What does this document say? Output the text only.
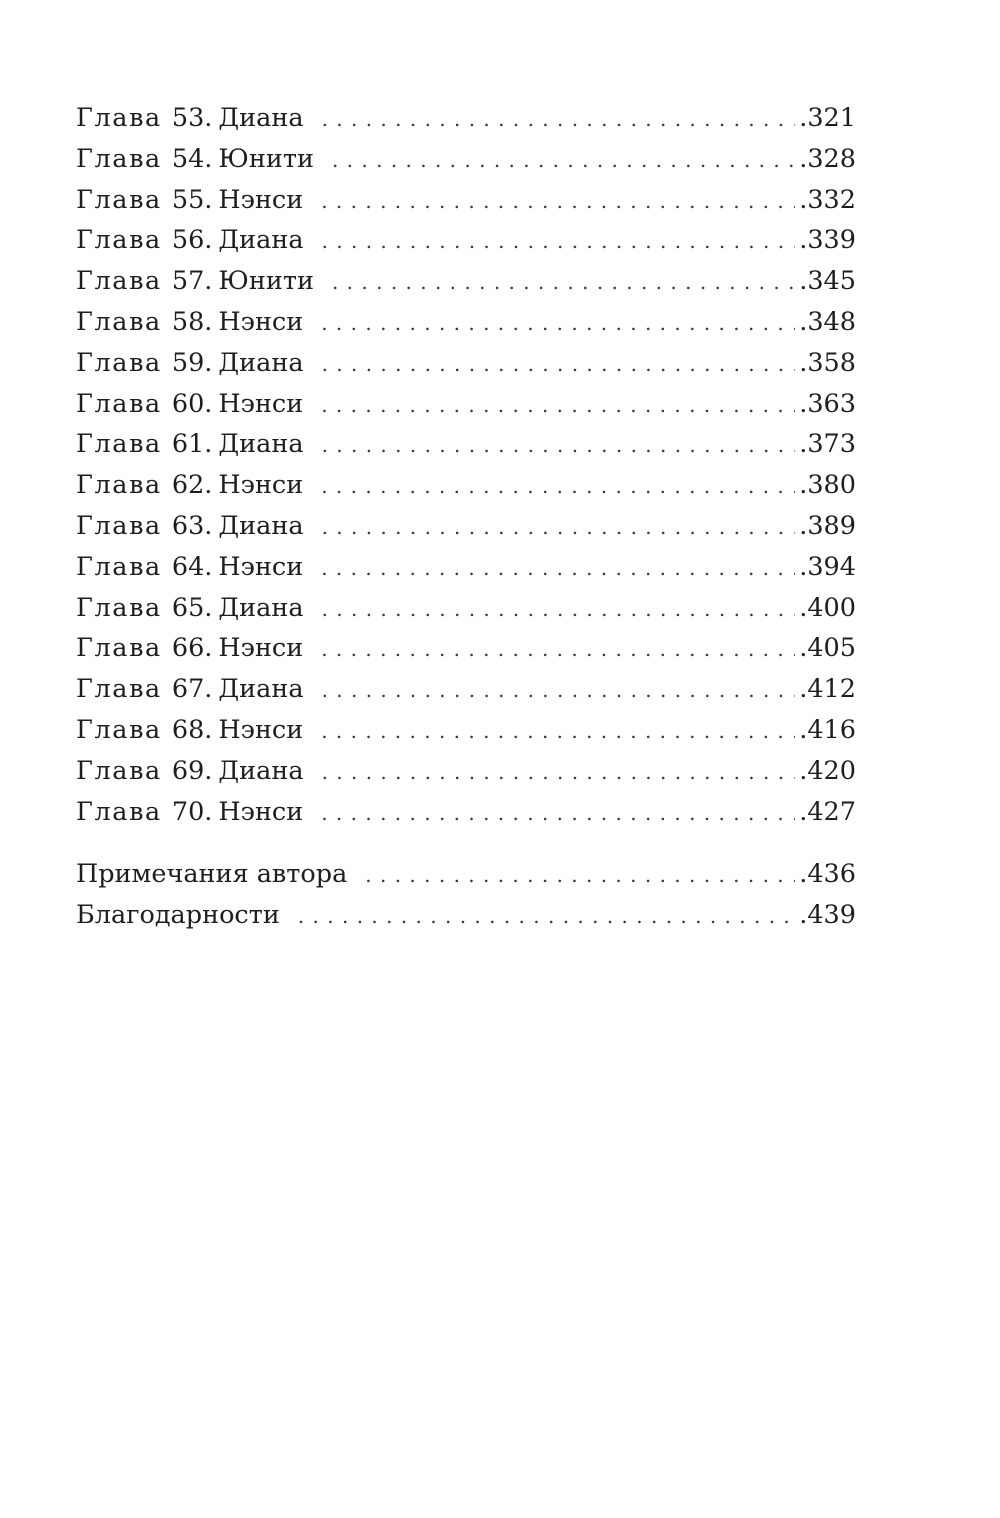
Глава 53. Диана . . .	. 321
Глава 54. Юнити . . .	. 328
Глава 55. Нэнси . . .	. 332
Глава 56. Диана . . .	. 339
Глава 57. Юнити . . .	. 345
Глава 58. Нэнси . . .	. 348
Глава 59. Диана . . .	. 358
Глава 60. Нэнси . . .	. 363
Глава 61. Диана . . .	. 373
Глава 62. Нэнси . . .	. 380
Глава 63. Диана . . .	. 389
Глава 64. Нэнси . . .	. 394
Глава 65. Диана . . .	. 400
Глава 66. Нэнси . . .	. 405
Глава 67. Диана . . .	. 412
Глава 68. Нэнси . . .	. 416
Глава 69. Диана . . .	. 420
Глава 70. Нэнси . . .	. 427
Примечания автора . . .	. 436
Благодарности . . .	. 439
